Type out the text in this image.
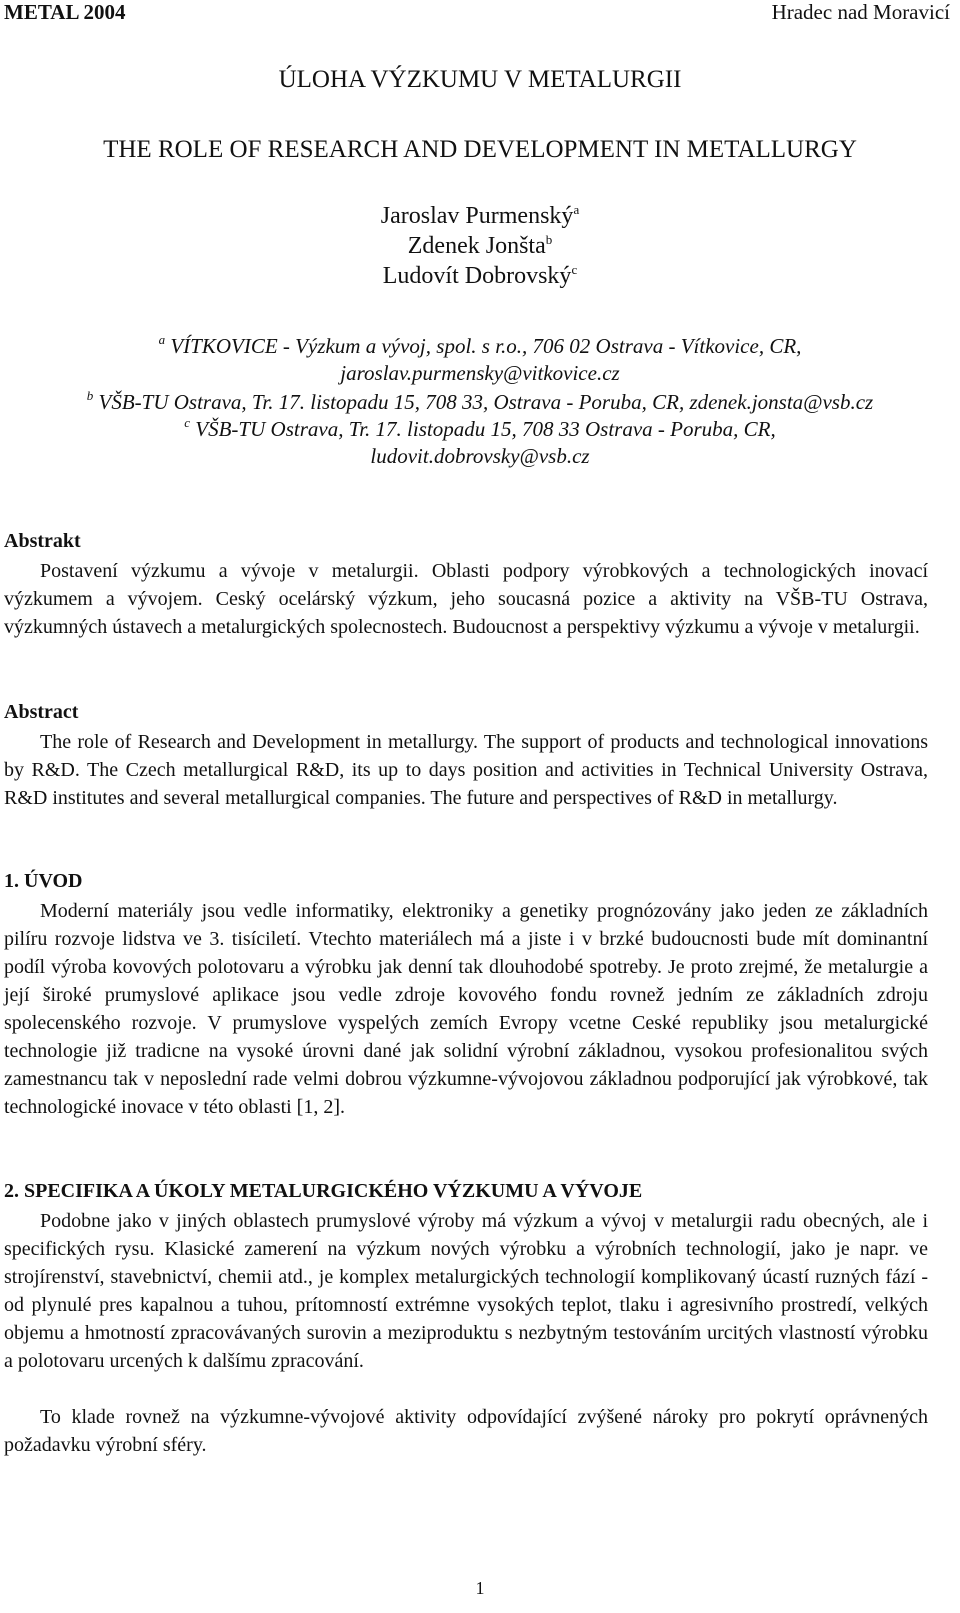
METAL 2004	Hradec nad Moravicí
ÚLOHA VÝZKUMU V METALURGII
THE ROLE OF RESEARCH AND DEVELOPMENT IN METALLURGY
Jaroslav Purmenský$^a$
Zdenek Jonšta$^b$
Ludovít Dobrovský$^c$
$^a$ VÍTKOVICE - Výzkum a vývoj, spol. s r.o., 706 02 Ostrava - Vítkovice, CR,
jaroslav.purmensky@vitkovice.cz
$^b$ VŠB-TU Ostrava, Tr. 17. listopadu 15, 708 33, Ostrava - Poruba, CR, zdenek.jonsta@vsb.cz
$^c$ VŠB-TU Ostrava, Tr. 17. listopadu 15, 708 33 Ostrava - Poruba, CR,
ludovit.dobrovsky@vsb.cz
Abstrakt
Postavení výzkumu a vývoje v metalurgii. Oblasti podpory výrobkových a technologických inovací výzkumem a vývojem. Ceský ocelárský výzkum, jeho soucasná pozice a aktivity na VŠB-TU Ostrava, výzkumných ústavech a metalurgických spolecnostech. Budoucnost a perspektivy výzkumu a vývoje v metalurgii.
Abstract
The role of Research and Development in metallurgy. The support of products and technological innovations by R&D. The Czech metallurgical R&D, its up to days position and activities in Technical University Ostrava, R&D institutes and several metallurgical companies. The future and perspectives of R&D in metallurgy.
1. ÚVOD
Moderní materiály jsou vedle informatiky, elektroniky a genetiky prognózovány jako jeden ze základních pilíru rozvoje lidstva ve 3. tisíciletí. Vtechto materiálech má a jiste i v brzké budoucnosti bude mít dominantní podíl výroba kovových polotovaru a výrobku jak denní tak dlouhodobé spotreby. Je proto zrejmé, že metalurgie a její široké prumyslové aplikace jsou vedle zdroje kovového fondu rovnež jedním ze základních zdroju spolecenského rozvoje. V prumyslove vyspelých zemích Evropy vcetne Ceské republiky jsou metalurgické technologie již tradicne na vysoké úrovni dané jak solidní výrobní základnou, vysokou profesionalitou svých zamestnancu tak v neposlední rade velmi dobrou výzkumne-vývojovou základnou podporující jak výrobkové, tak technologické inovace v této oblasti [1, 2].
2. SPECIFIKA A ÚKOLY METALURGICKÉHO VÝZKUMU A VÝVOJE
Podobne jako v jiných oblastech prumyslové výroby má výzkum a vývoj v metalurgii radu obecných, ale i specifických rysu. Klasické zamerení na výzkum nových výrobku a výrobních technologií, jako je napr. ve strojírenství, stavebnictví, chemii atd., je komplex metalurgických technologií komplikovaný úcastí ruzných fází - od plynulé pres kapalnou a tuhou, prítomností extrémne vysokých teplot, tlaku i agresivního prostredí, velkých objemu a hmotností zpracovávaných surovin a meziproduktu s nezbytným testováním urcitých vlastností výrobku a polotovaru urcených k dalšímu zpracování.
To klade rovnež na výzkumne-vývojové aktivity odpovídající zvýšené nároky pro pokrytí oprávnených požadavku výrobní sféry.
1
